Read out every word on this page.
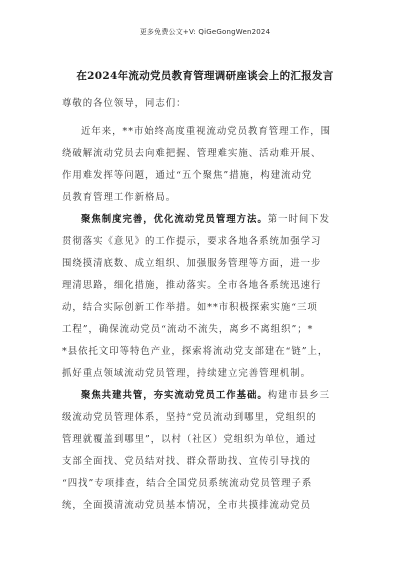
更多免费公文+V: QiGeGongWen2024
在2024年流动党员教育管理调研座谈会上的汇报发言
尊敬的各位领导，同志们：
近年来，**市始终高度重视流动党员教育管理工作，围
绕破解流动党员去向难把握、管理难实施、活动难开展、
作用难发挥等问题，通过“五个聚焦”措施，构建流动党
员教育管理工作新格局。
聚焦制度完善，优化流动党员管理方法。第一时间下发
贯彻落实《意见》的工作提示，要求各地各系统加强学习
围绕摸清底数、成立组织、加强服务管理等方面，进一步
理清思路，细化措施，推动落实。全市各地各系统迅速行
动，结合实际创新工作举措。如**市积极探索实施“三项
工程”，确保流动党员“流动不流失，离乡不离组织”；*
*县依托文印等特色产业，探索将流动党支部建在“链”上，
抓好重点领域流动党员管理，持续建立完善管理机制。
聚焦共建共管，夯实流动党员工作基础。构建市县乡三
级流动党员管理体系，坚持“党员流动到哪里，党组织的
管理就覆盖到哪里”，以村（社区）党组织为单位，通过
支部全面找、党员结对找、群众帮助找、宣传引导找的
“四找”专项排查，结合全国党员系统流动党员管理子系
统，全面摸清流动党员基本情况，全市共摸排流动党员
